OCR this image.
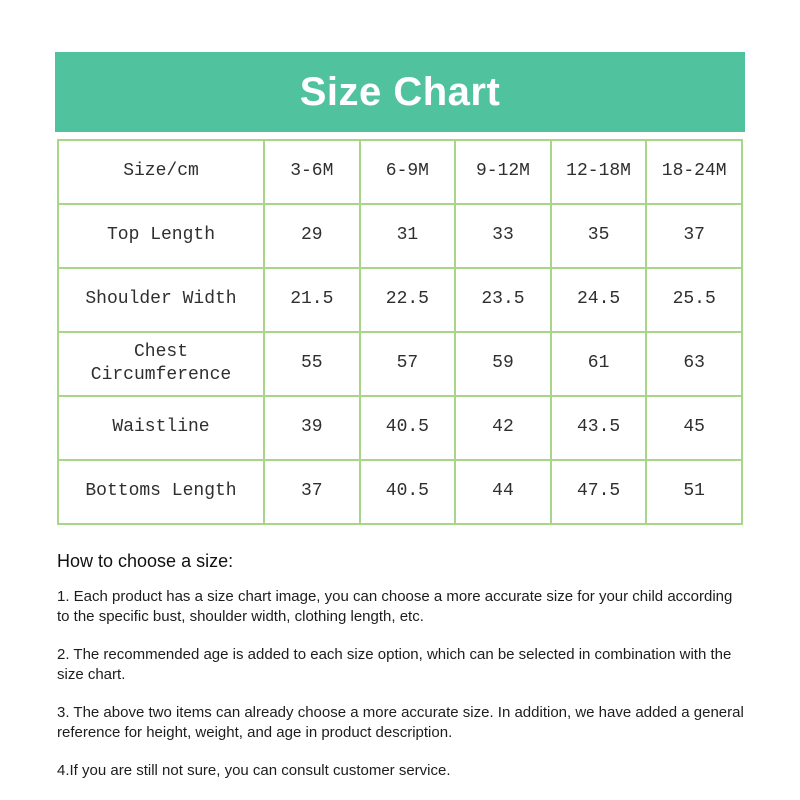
Size Chart
Size/cm	3-6M	6-9M	9-12M	12-18M	18-24M
Top Length	29	31	33	35	37
Shoulder Width	21.5	22.5	23.5	24.5	25.5
Chest Circumference	55	57	59	61	63
Waistline	39	40.5	42	43.5	45
Bottoms Length	37	40.5	44	47.5	51

How to choose a size:

1. Each product has a size chart image, you can choose a more accurate size for your child according to the specific bust, shoulder width, clothing length, etc.

2. The recommended age is added to each size option, which can be selected in combination with the size chart.

3. The above two items can already choose a more accurate size. In addition, we have added a general reference for height, weight, and age in product description.

4.If you are still not sure, you can consult customer service.
